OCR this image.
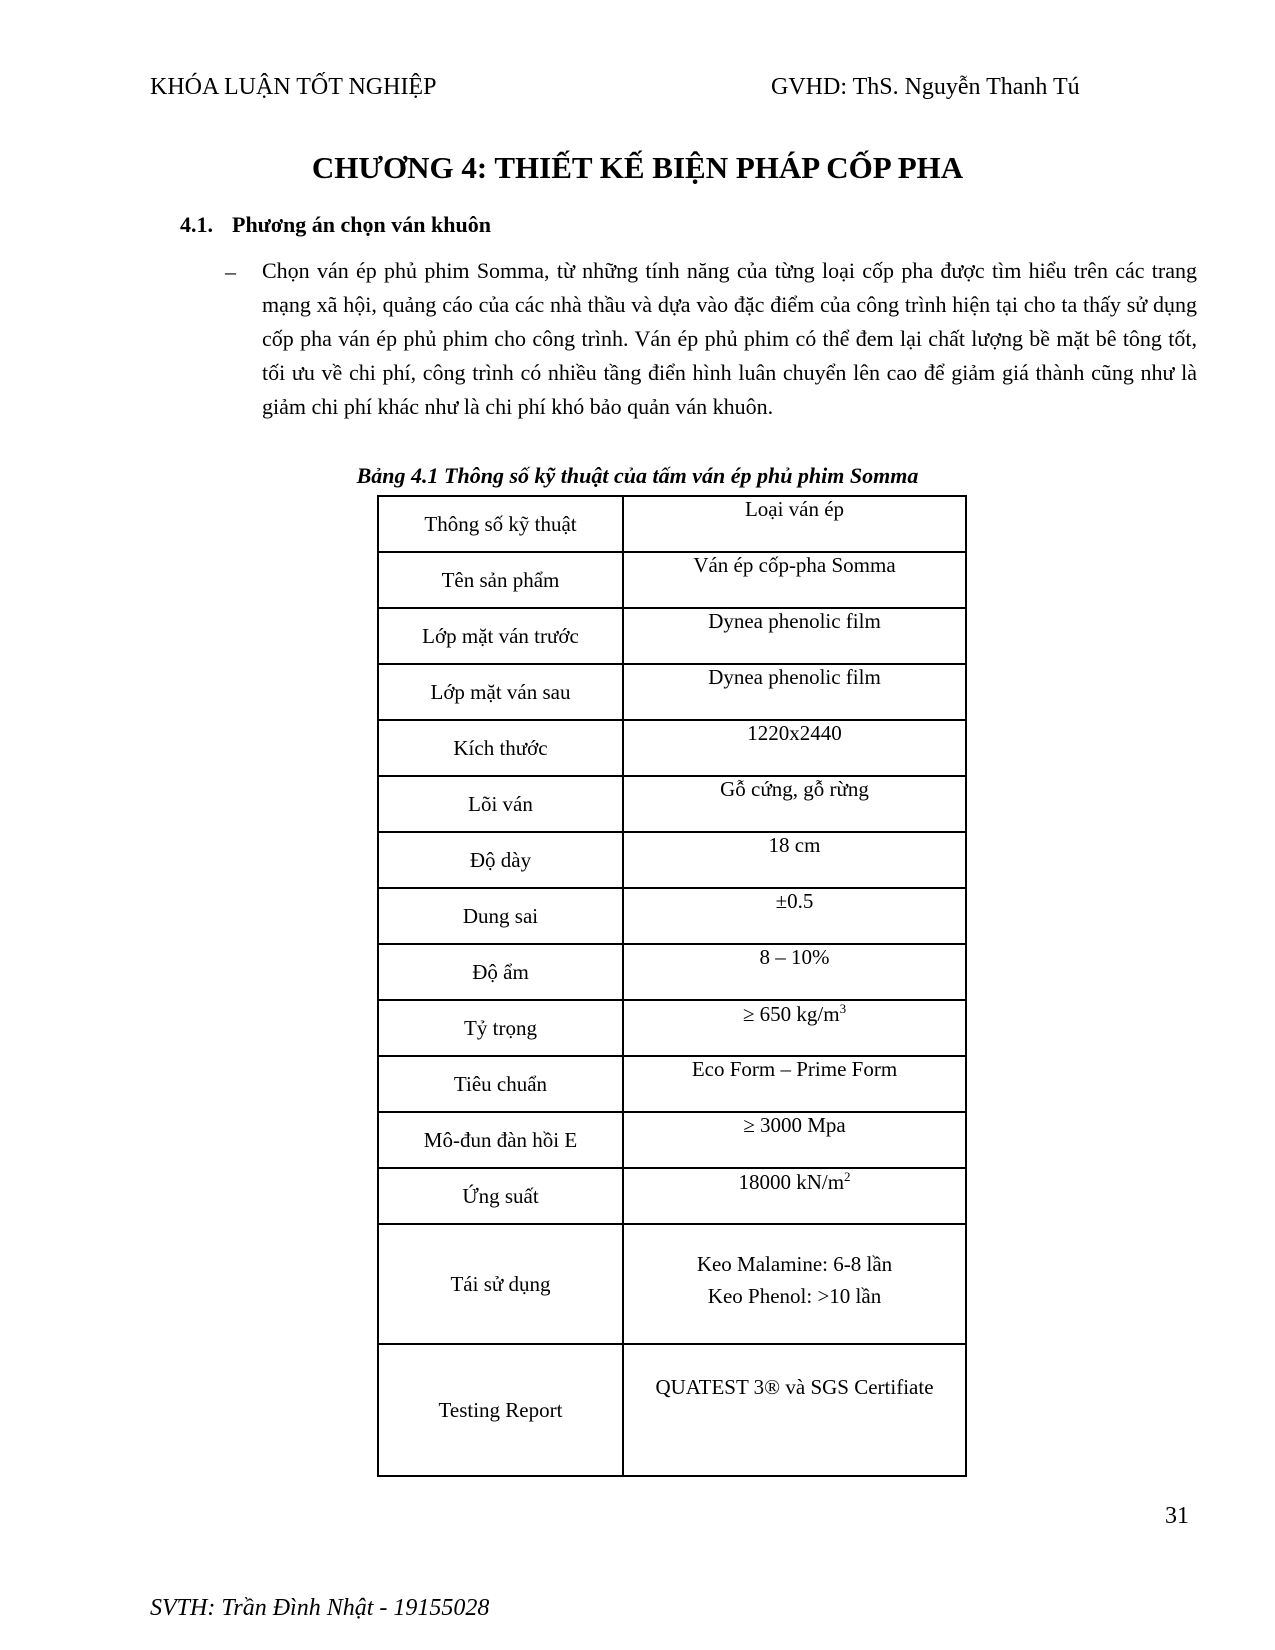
KHÓA LUẬN TỐT NGHIỆP	GVHD: ThS. Nguyễn Thanh Tú
CHƯƠNG 4: THIẾT KẾ BIỆN PHÁP CỐP PHA
4.1. Phương án chọn ván khuôn
– Chọn ván ép phủ phim Somma, từ những tính năng của từng loại cốp pha được tìm hiểu trên các trang mạng xã hội, quảng cáo của các nhà thầu và dựa vào đặc điểm của công trình hiện tại cho ta thấy sử dụng cốp pha ván ép phủ phim cho công trình. Ván ép phủ phim có thể đem lại chất lượng bề mặt bê tông tốt, tối ưu về chi phí, công trình có nhiều tầng điển hình luân chuyển lên cao để giảm giá thành cũng như là giảm chi phí khác như là chi phí khó bảo quản ván khuôn.
Bảng 4.1 Thông số kỹ thuật của tấm ván ép phủ phim Somma
Thông số kỹ thuật	Loại ván ép
Tên sản phẩm	Ván ép cốp-pha Somma
Lớp mặt ván trước	Dynea phenolic film
Lớp mặt ván sau	Dynea phenolic film
Kích thước	1220x2440
Lõi ván	Gỗ cứng, gỗ rừng
Độ dày	18 cm
Dung sai	±0.5
Độ ẩm	8 – 10%
Tỷ trọng	≥ 650 $kg/m^3$
Tiêu chuẩn	Eco Form – Prime Form
Mô-đun đàn hồi E	≥ 3000 Mpa
Ứng suất	18000 $kN/m^2$
Tái sử dụng	Keo Malamine: 6-8 lần
Keo Phenol: >10 lần

Testing Report	QUATEST 3® và SGS Certifiate
31
SVTH: Trần Đình Nhật - 19155028
